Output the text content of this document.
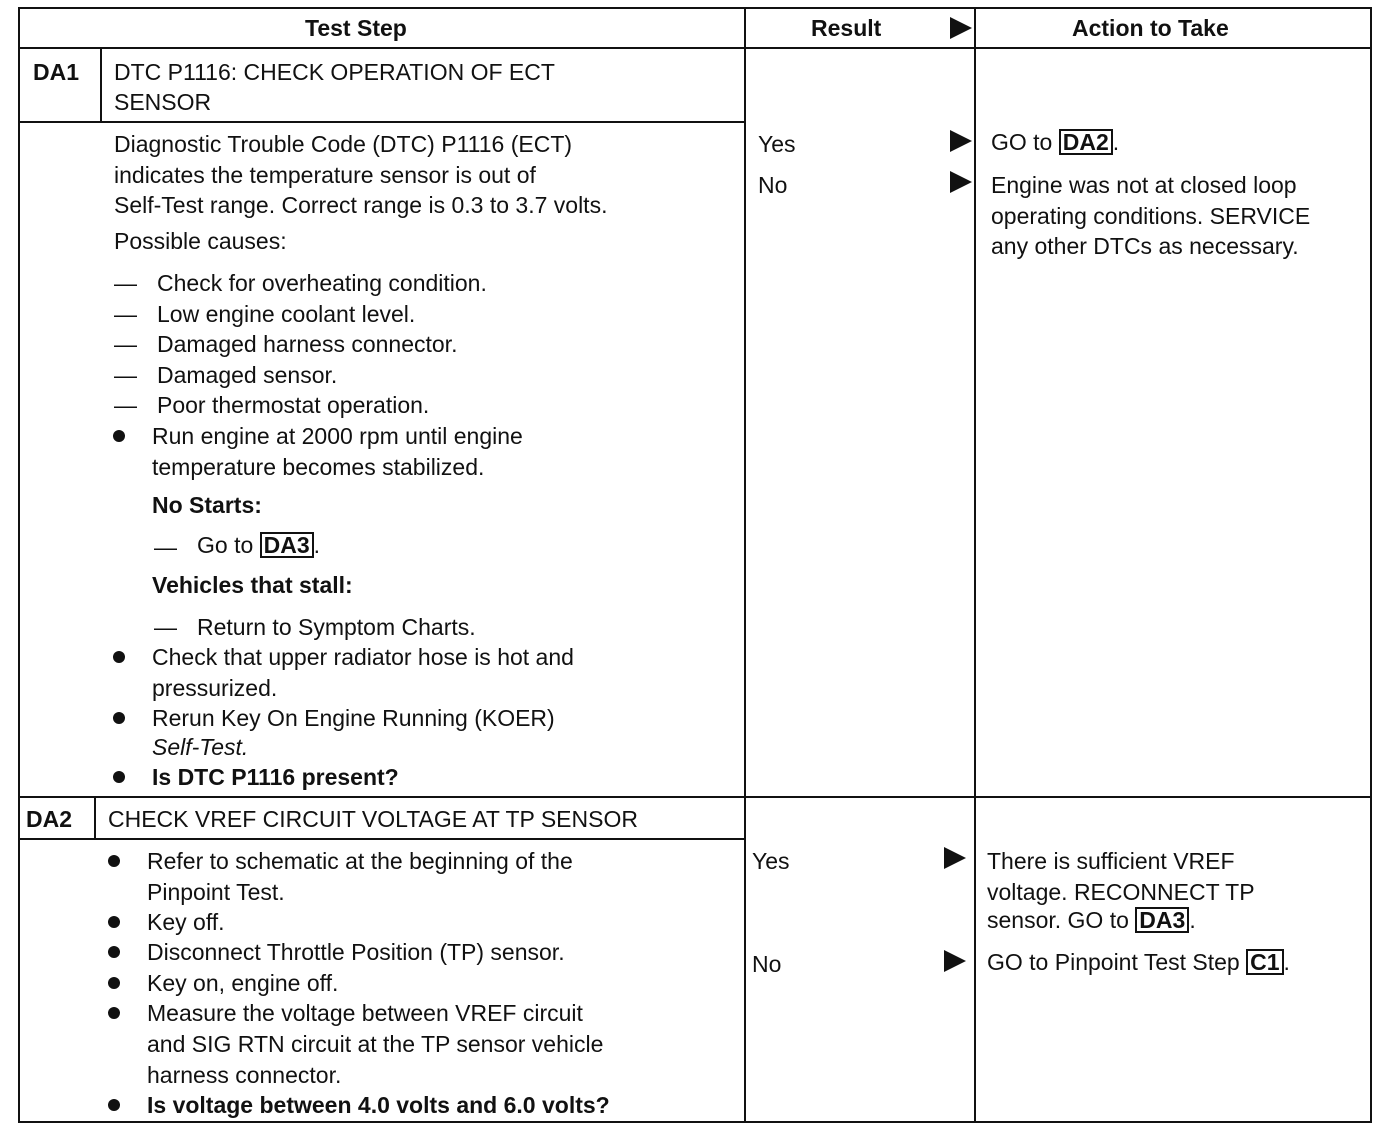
Test Step	Result	Action to Take
DA1 DTC P1116: CHECK OPERATION OF ECT
SENSOR
Diagnostic Trouble Code (DTC) P1116 (ECT)
indicates the temperature sensor is out of
Self-Test range. Correct range is 0.3 to 3.7 volts.
Possible causes:
— Check for overheating condition.
— Low engine coolant level.
— Damaged harness connector.
— Damaged sensor.
— Poor thermostat operation.
Run engine at 2000 rpm until engine
temperature becomes stabilized.
No Starts:
— Go to DA3 .
Vehicles that stall:
— Return to Symptom Charts.
Check that upper radiator hose is hot and
pressurized.
Rerun Key On Engine Running (KOER)
Self-Test.
Is DTC P1116 present?
Yes
No
GO to DA2 .
Engine was not at closed loop
operating conditions. SERVICE
any other DTCs as necessary.
DA2 CHECK VREF CIRCUIT VOLTAGE AT TP SENSOR
Refer to schematic at the beginning of the
Pinpoint Test.
Key off.
Disconnect Throttle Position (TP) sensor.
Key on, engine off.
Measure the voltage between VREF circuit
and SIG RTN circuit at the TP sensor vehicle
harness connector.
Is voltage between 4.0 volts and 6.0 volts?
Yes
No
There is sufficient VREF
voltage. RECONNECT TP
sensor. GO to DA3 .
GO to Pinpoint Test Step C1 .
